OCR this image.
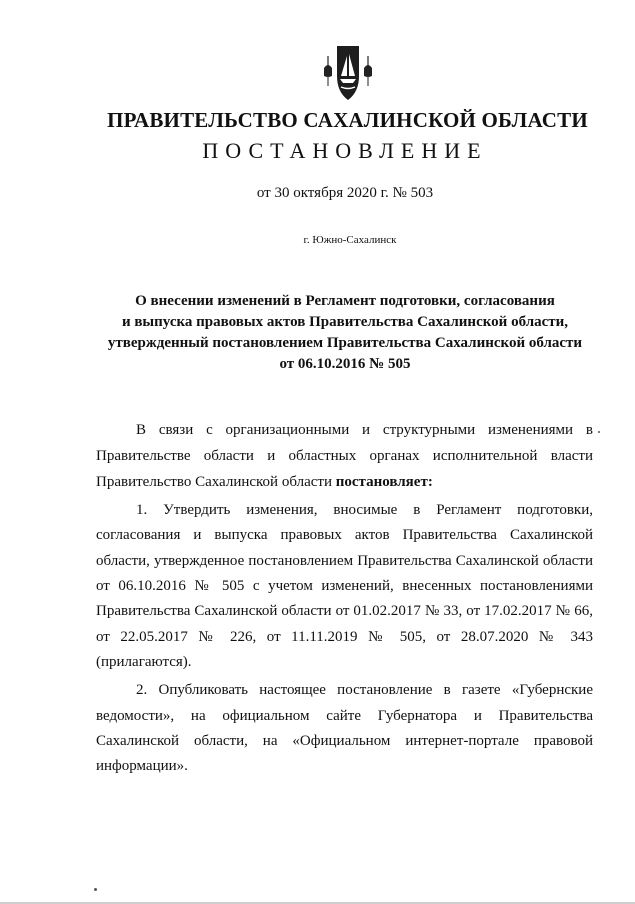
ПРАВИТЕЛЬСТВО САХАЛИНСКОЙ ОБЛАСТИ
ПОСТАНОВЛЕНИЕ
от 30 октября 2020 г. № 503
г. Южно-Сахалинск
О внесении изменений в Регламент подготовки, согласования
и выпуска правовых актов Правительства Сахалинской области,
утвержденный постановлением Правительства Сахалинской области
от 06.10.2016 № 505
В связи с организационными и структурными изменениями в
Правительстве области и областных органах исполнительной власти
Правительство Сахалинской области постановляет:
1. Утвердить изменения, вносимые в Регламент подготовки,
согласования и выпуска правовых актов Правительства Сахалинской
области, утвержденное постановлением Правительства Сахалинской области
от 06.10.2016 № 505 с учетом изменений, внесенных постановлениями
Правительства Сахалинской области от 01.02.2017 № 33, от 17.02.2017 № 66,
от 22.05.2017 № 226, от 11.11.2019 № 505, от 28.07.2020 № 343
(прилагаются).
2. Опубликовать настоящее постановление в газете «Губернские
ведомости», на официальном сайте Губернатора и Правительства
Сахалинской области, на «Официальном интернет-портале правовой
информации».
